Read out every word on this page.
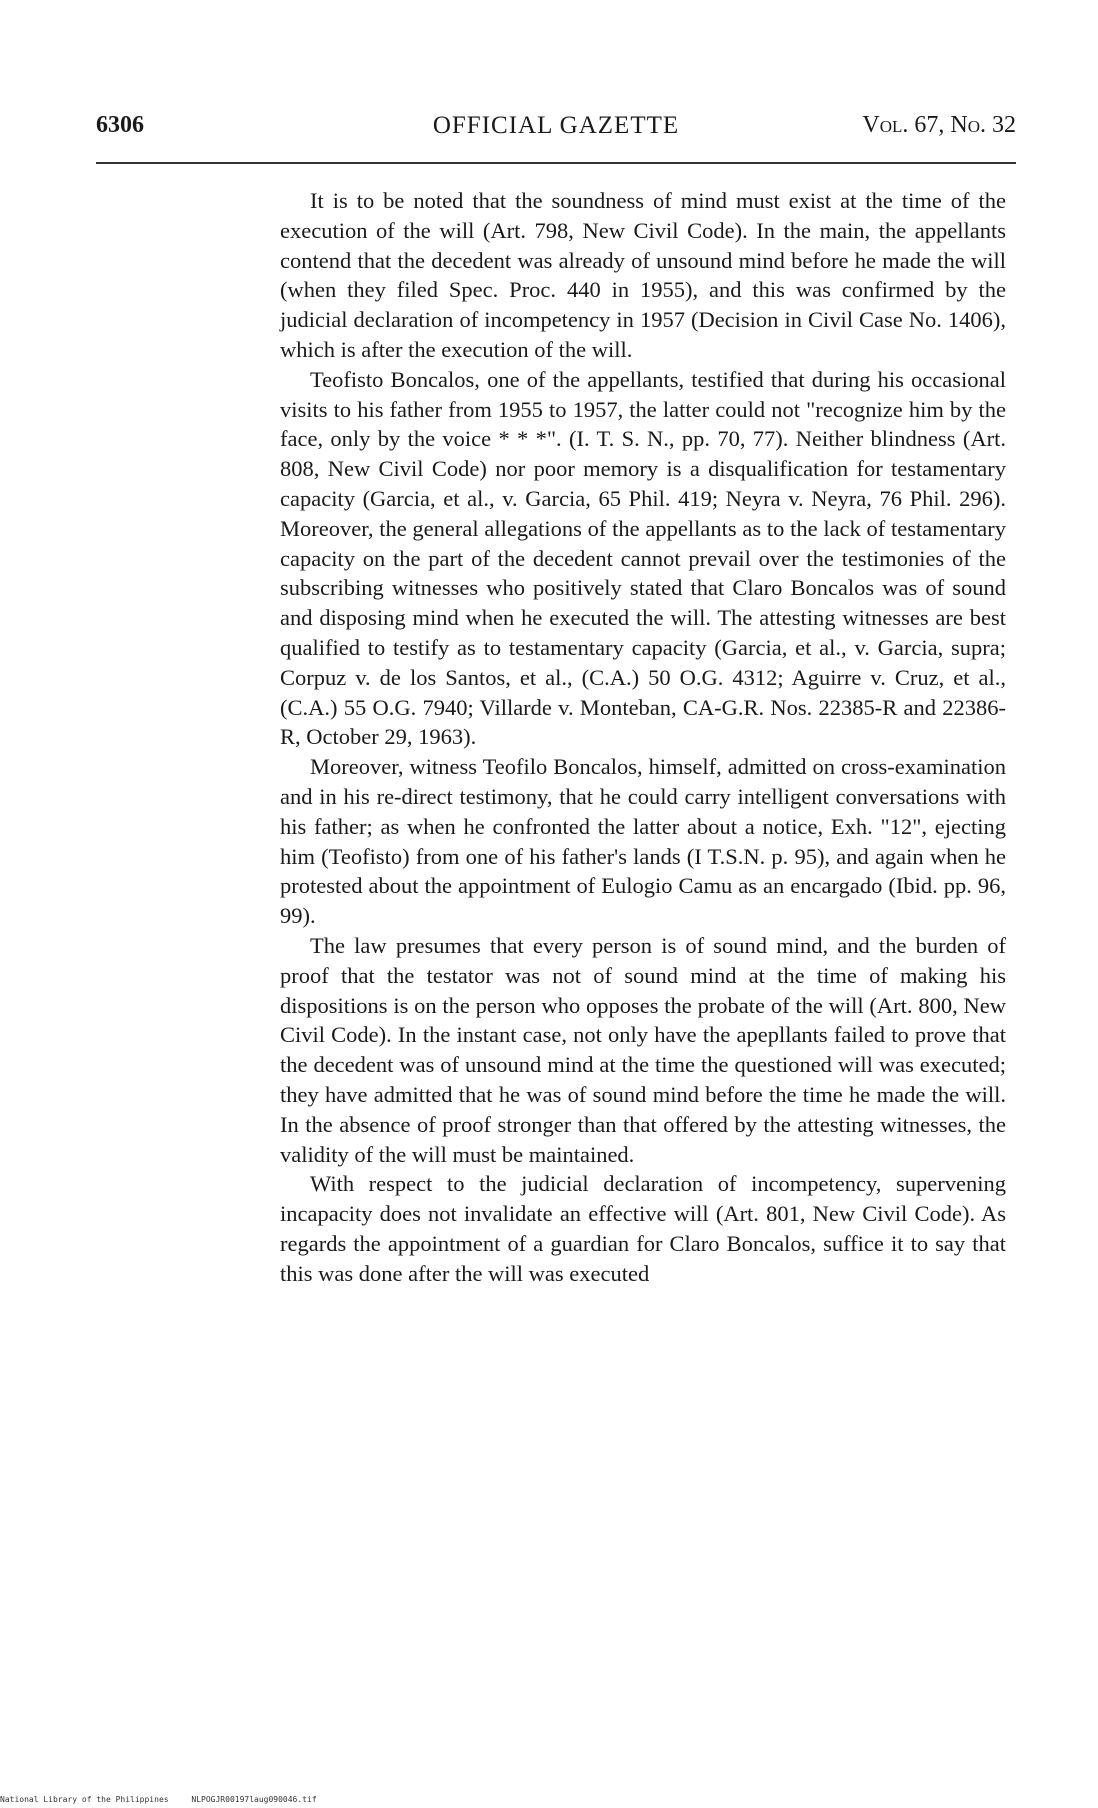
6306	OFFICIAL GAZETTE	Vol. 67, No. 32

It is to be noted that the soundness of mind must exist at the time of the execution of the will (Art. 798, New Civil Code). In the main, the appellants contend that the decedent was already of unsound mind before he made the will (when they filed Spec. Proc. 440 in 1955), and this was confirmed by the judicial declaration of incompetency in 1957 (Decision in Civil Case No. 1406), which is after the execution of the will.

Teofisto Boncalos, one of the appellants, testified that during his occasional visits to his father from 1955 to 1957, the latter could not "recognize him by the face, only by the voice * * *". (I. T. S. N., pp. 70, 77). Neither blindness (Art. 808, New Civil Code) nor poor memory is a disqualification for testamentary capacity (Garcia, et al., v. Garcia, 65 Phil. 419; Neyra v. Neyra, 76 Phil. 296). Moreover, the general allegations of the appellants as to the lack of testamentary capacity on the part of the decedent cannot prevail over the testimonies of the subscribing witnesses who positively stated that Claro Boncalos was of sound and disposing mind when he executed the will. The attesting witnesses are best qualified to testify as to testamentary capacity (Garcia, et al., v. Garcia, supra; Corpuz v. de los Santos, et al., (C.A.) 50 O.G. 4312; Aguirre v. Cruz, et al., (C.A.) 55 O.G. 7940; Villarde v. Monteban, CA-G.R. Nos. 22385-R and 22386-R, October 29, 1963).

Moreover, witness Teofilo Boncalos, himself, admitted on cross-examination and in his re-direct testimony, that he could carry intelligent conversations with his father; as when he confronted the latter about a notice, Exh. "12", ejecting him (Teofisto) from one of his father's lands (I T.S.N. p. 95), and again when he protested about the appointment of Eulogio Camu as an encargado (Ibid. pp. 96, 99).

The law presumes that every person is of sound mind, and the burden of proof that the testator was not of sound mind at the time of making his dispositions is on the person who opposes the probate of the will (Art. 800, New Civil Code). In the instant case, not only have the apepllants failed to prove that the decedent was of unsound mind at the time the questioned will was executed; they have admitted that he was of sound mind before the time he made the will. In the absence of proof stronger than that offered by the attesting witnesses, the validity of the will must be maintained.

With respect to the judicial declaration of incompetency, supervening incapacity does not invalidate an effective will (Art. 801, New Civil Code). As regards the appointment of a guardian for Claro Boncalos, suffice it to say that this was done after the will was executed

National Library of the Philippines	NLPOGJR00197laug090046.tif
